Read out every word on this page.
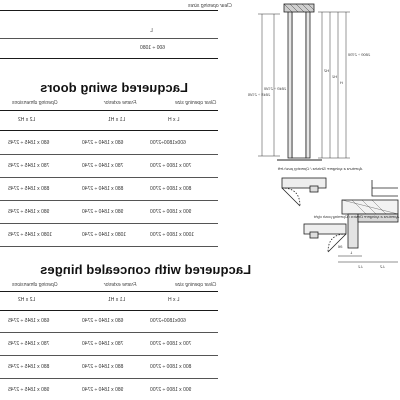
Clear opening sizes
L
600 ÷ 1080
Lacquered swing doors
Clear opening size
Frame exterior
Opening dimensions
L x H
L1 x H1
L2 x H2
600x1800÷2700
680 x 1840 ÷ 2740
680 x 1845 ÷ 2745
700 x 1800 ÷ 2700
780 x 1840 ÷ 2740
780 x 1845 ÷ 2745
800 x 1800 ÷ 2700
880 x 1840 ÷ 2740
880 x 1845 ÷ 2745
900 x 1800 ÷ 2700
980 x 1840 ÷ 2740
980 x 1845 ÷ 2745
1000 x 1800 ÷ 2700
1080 x 1840 ÷ 2740
1080 x 1845 ÷ 2745
Lacquered with concealed hinges
Clear opening size
Frame exterior
Opening dimensions
L x H
L1 x H1
L2 x H2
600x1800÷2700
680 x 1840 ÷ 2740
680 x 1845 ÷ 2745
700 x 1800 ÷ 2700
780 x 1840 ÷ 2740
780 x 1845 ÷ 2745
800 x 1800 ÷ 2700
880 x 1840 ÷ 2740
880 x 1845 ÷ 2745
900 x 1800 ÷ 2700
980 x 1840 ÷ 2740
980 x 1845 ÷ 2745
H
H1
H2
1800 ÷ 2700
1840 ÷ 2740
1845 ÷ 2745
Apertura a spingere Sinistra / Opening push left
Apertura a spingere Destra / Opening push right
L
L1	L2
96
